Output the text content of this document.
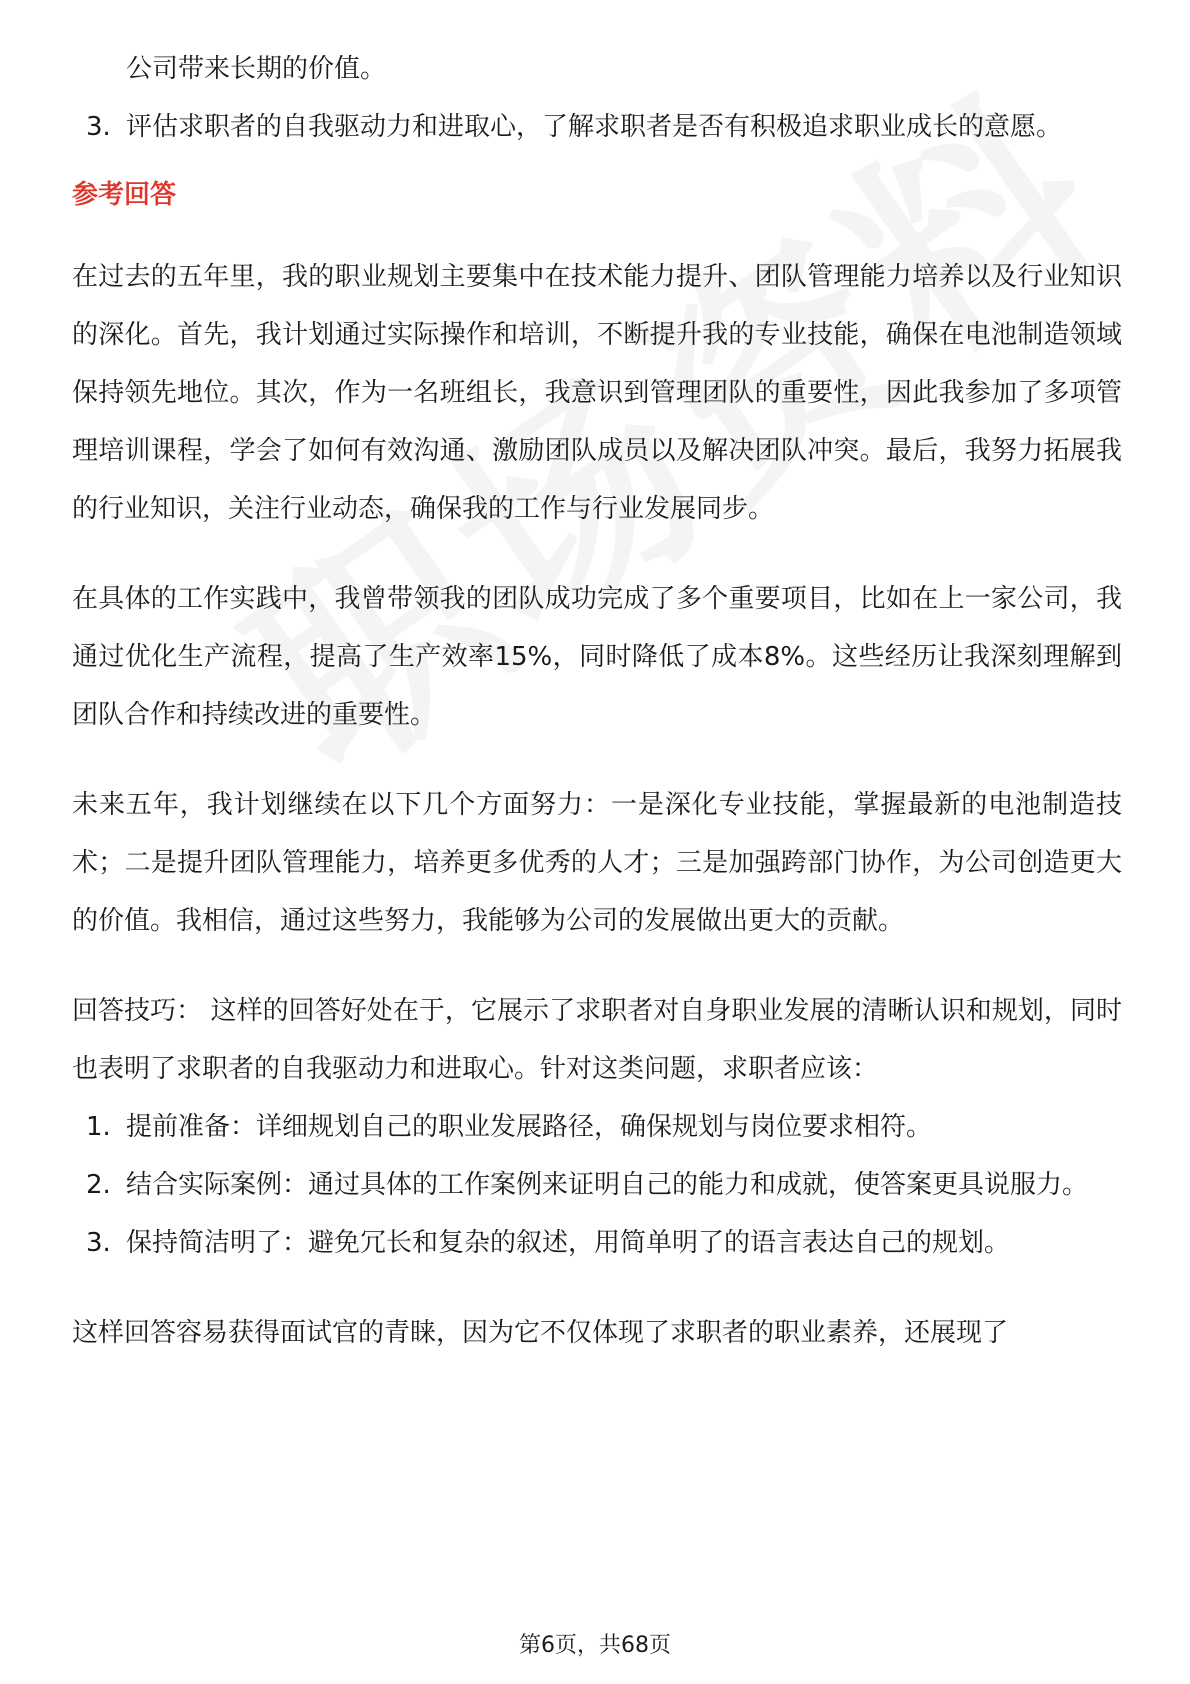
公司带来长期的价值。
3. 评估求职者的自我驱动力和进取心，了解求职者是否有积极追求职业成长的意愿。

参考回答

在过去的五年里，我的职业规划主要集中在技术能力提升、团队管理能力培养以及行业知识的深化。首先，我计划通过实际操作和培训，不断提升我的专业技能，确保在电池制造领域保持领先地位。其次，作为一名班组长，我意识到管理团队的重要性，因此我参加了多项管理培训课程，学会了如何有效沟通、激励团队成员以及解决团队冲突。最后，我努力拓展我的行业知识，关注行业动态，确保我的工作与行业发展同步。

在具体的工作实践中，我曾带领我的团队成功完成了多个重要项目，比如在上一家公司，我通过优化生产流程，提高了生产效率15%，同时降低了成本8%。这些经历让我深刻理解到团队合作和持续改进的重要性。

未来五年，我计划继续在以下几个方面努力：一是深化专业技能，掌握最新的电池制造技术；二是提升团队管理能力，培养更多优秀的人才；三是加强跨部门协作，为公司创造更大的价值。我相信，通过这些努力，我能够为公司的发展做出更大的贡献。

回答技巧： 这样的回答好处在于，它展示了求职者对自身职业发展的清晰认识和规划，同时也表明了求职者的自我驱动力和进取心。针对这类问题，求职者应该：

1. 提前准备：详细规划自己的职业发展路径，确保规划与岗位要求相符。
2. 结合实际案例：通过具体的工作案例来证明自己的能力和成就，使答案更具说服力。
3. 保持简洁明了：避免冗长和复杂的叙述，用简单明了的语言表达自己的规划。

这样回答容易获得面试官的青睐，因为它不仅体现了求职者的职业素养，还展现了

第6页，共68页
